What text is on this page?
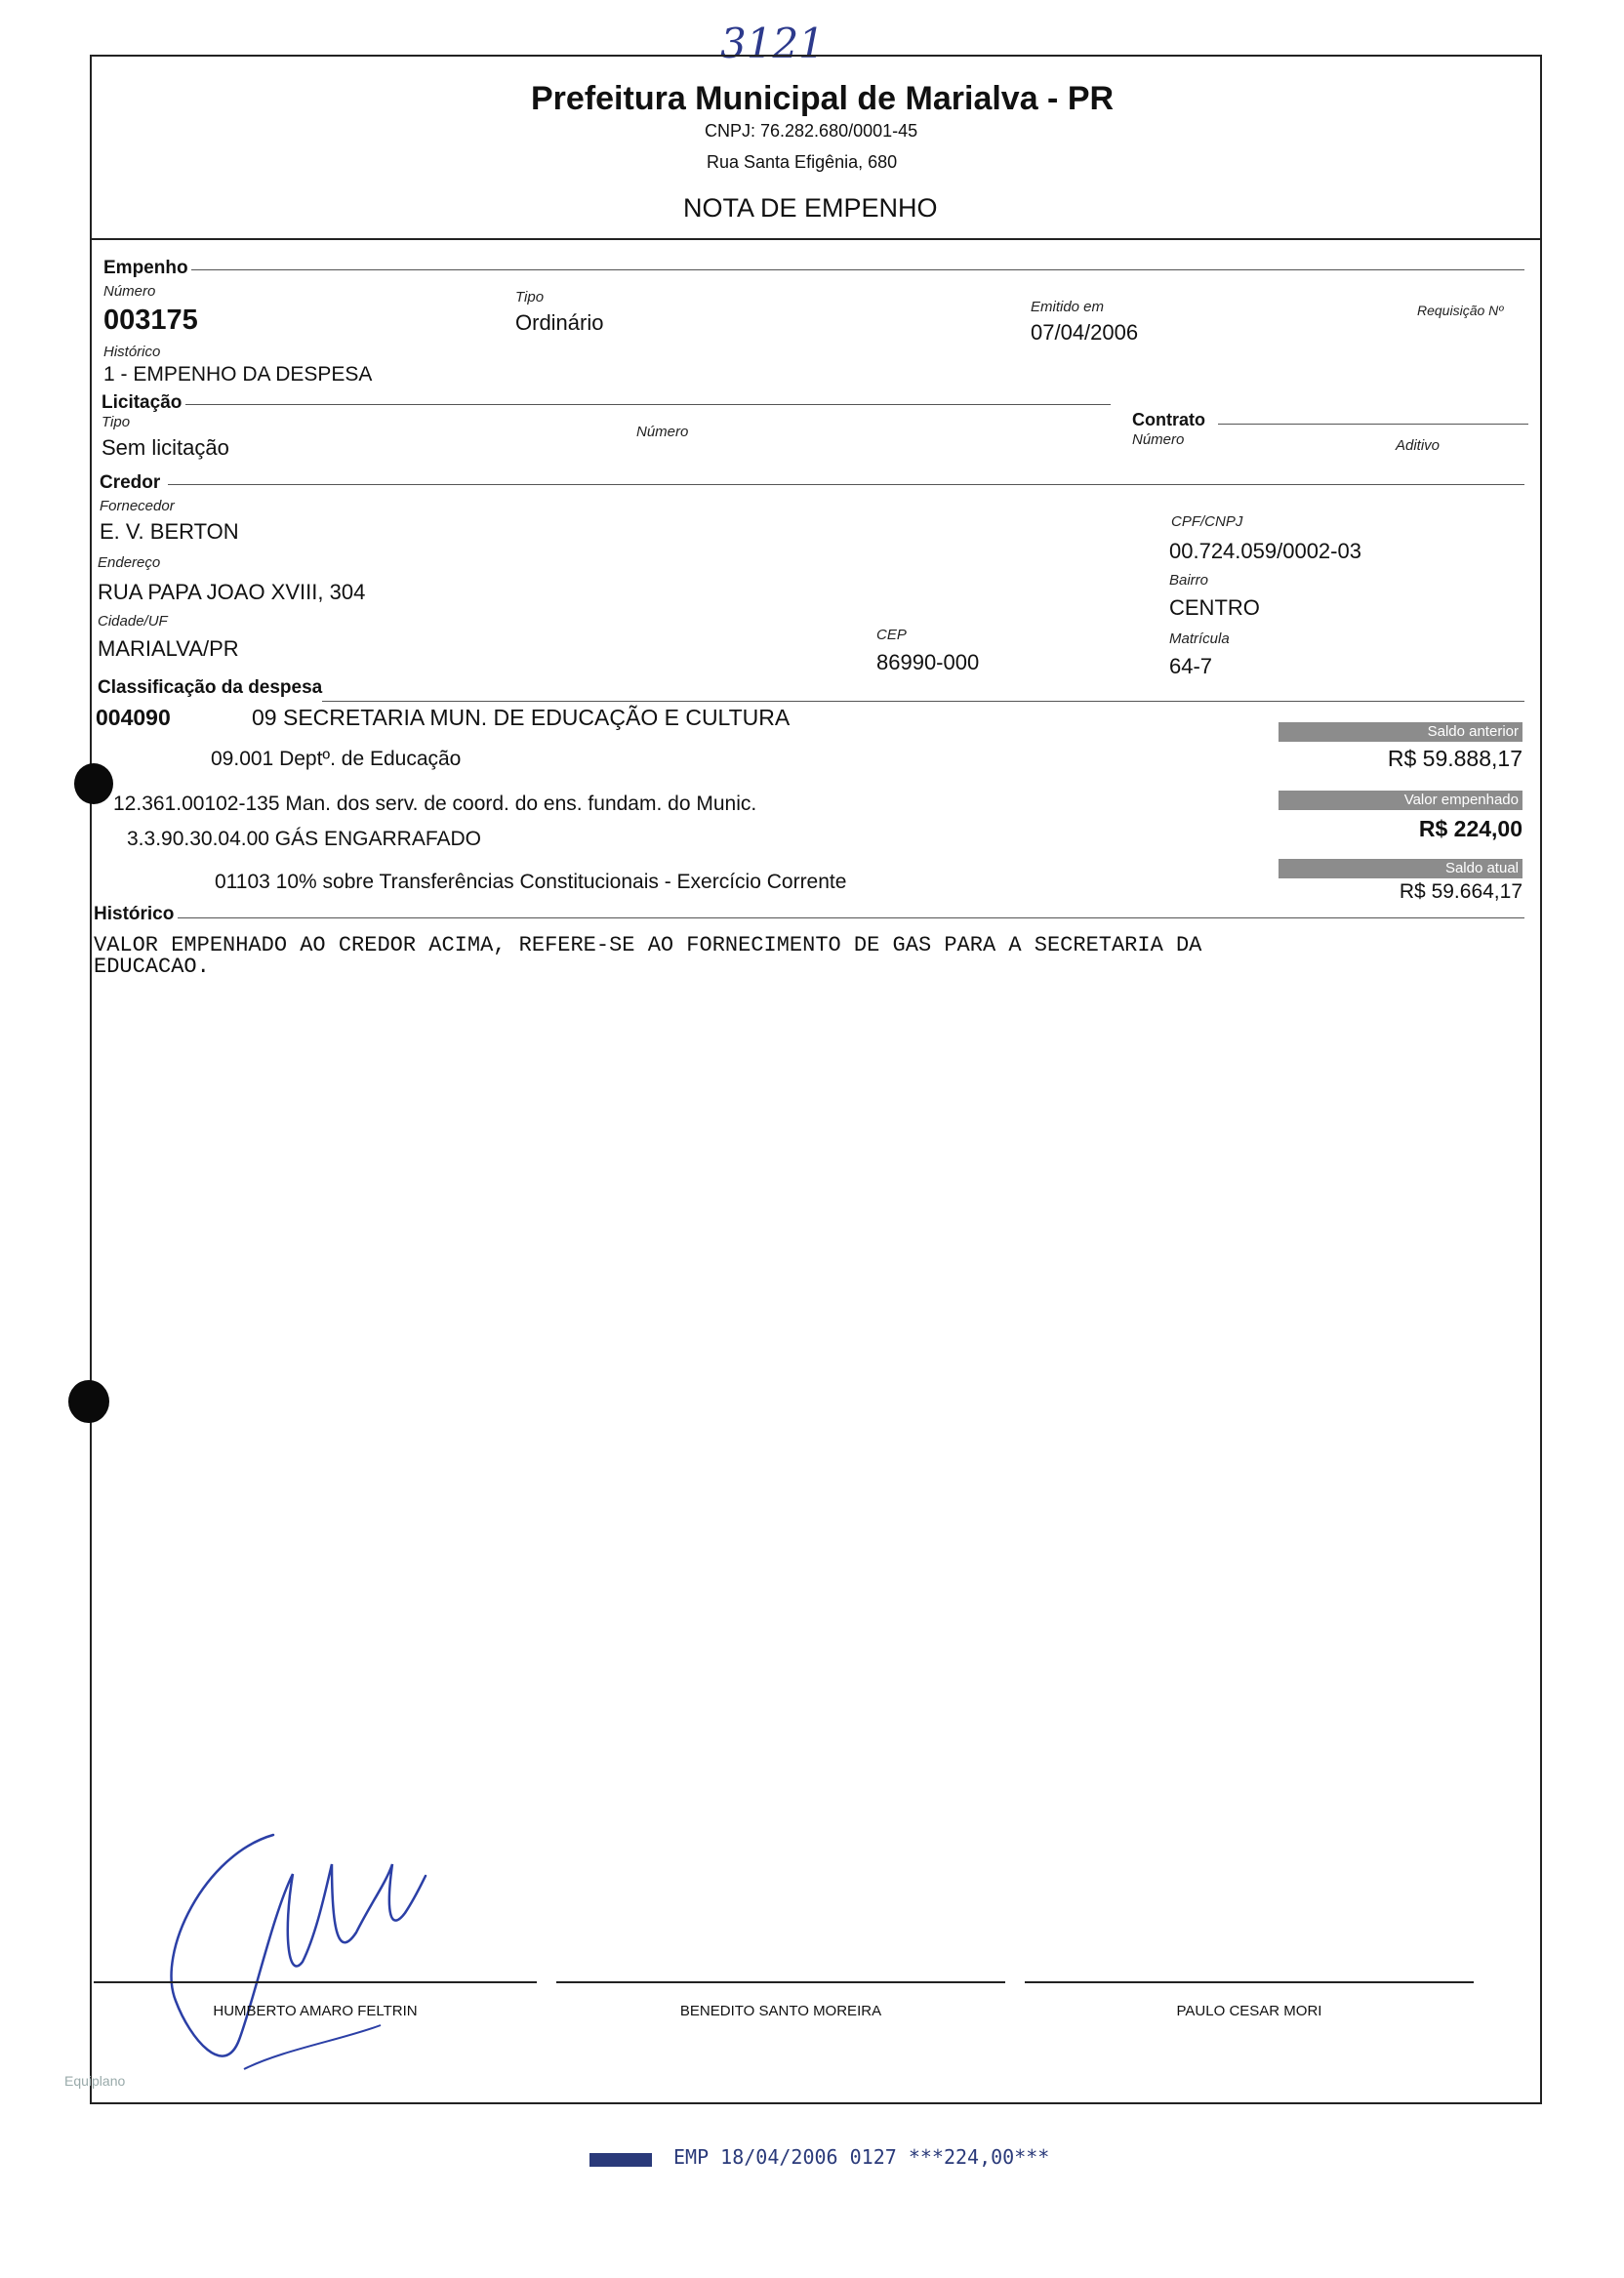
3121
Prefeitura Municipal de Marialva - PR
CNPJ: 76.282.680/0001-45
Rua Santa Efigênia, 680
NOTA DE EMPENHO
Empenho
Número
003175
Tipo
Ordinário
Emitido em
07/04/2006
Requisição Nº
Histórico
1 - EMPENHO DA DESPESA
Licitação
Tipo
Sem licitação
Número
Contrato
Número	Aditivo
Credor
Fornecedor
E. V. BERTON	CPF/CNPJ
00.724.059/0002-03
Endereço
RUA PAPA JOAO XVIII, 304	Bairro
CENTRO
Cidade/UF
MARIALVA/PR
CEP
86990-000
Matrícula
64-7
Classificação da despesa
004090	09 SECRETARIA MUN. DE EDUCAÇÃO E CULTURA
09.001 Deptº. de Educação
12.361.00102-135 Man. dos serv. de coord. do ens. fundam. do Munic.
3.3.90.30.04.00 GÁS ENGARRAFADO
01103 10% sobre Transferências Constitucionais - Exercício Corrente
Saldo anterior
R$ 59.888,17
Valor empenhado
R$ 224,00
Saldo atual
R$ 59.664,17
Histórico
VALOR EMPENHADO AO CREDOR ACIMA, REFERE-SE AO FORNECIMENTO DE GAS PARA A SECRETARIA DA
EDUCACAO.
HUMBERTO AMARO FELTRIN	BENEDITO SANTO MOREIRA	PAULO CESAR MORI
Equiplano
EMP 18/04/2006 0127 ***224,00***
